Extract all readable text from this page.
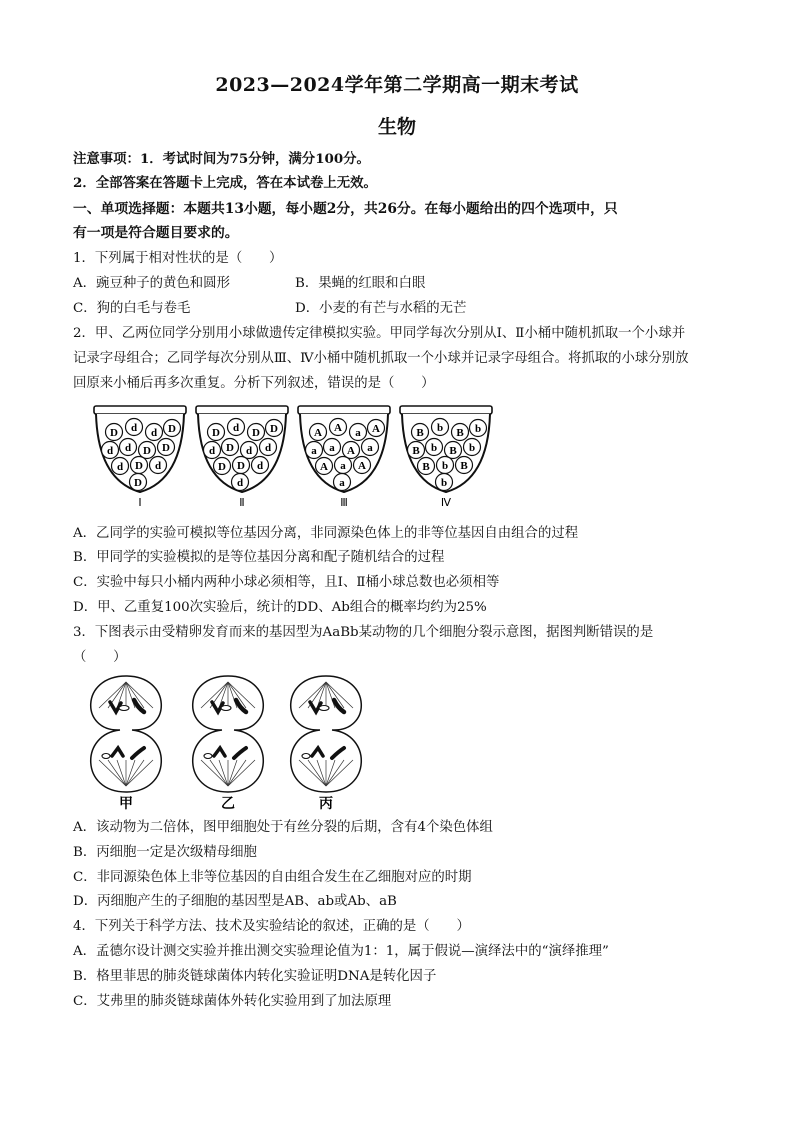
2023—2024学年第二学期高一期末考试
生物
注意事项：1．考试时间为75分钟，满分100分。
2．全部答案在答题卡上完成，答在本试卷上无效。
一、单项选择题：本题共13小题，每小题2分，共26分。在每小题给出的四个选项中，只
有一项是符合题目要求的。
1．下列属于相对性状的是（　　）
A．豌豆种子的黄色和圆形	B．果蝇的红眼和白眼
C．狗的白毛与卷毛	D．小麦的有芒与水稻的无芒
2．甲、乙两位同学分别用小球做遗传定律模拟实验。甲同学每次分别从Ⅰ、Ⅱ小桶中随机抓取一个小球并
记录字母组合；乙同学每次分别从Ⅲ、Ⅳ小桶中随机抓取一个小球并记录字母组合。将抓取的小球分别放
回原来小桶后再多次重复。分析下列叙述，错误的是（　　）
D d d D
d d D D
d D d
D
Ⅰ
D d D D
d D d d
D D d
d
Ⅱ
A A a A
a a A a
A a A
a
Ⅲ
B b B b
B b B b
B b B
b
Ⅳ
A．乙同学的实验可模拟等位基因分离，非同源染色体上的非等位基因自由组合的过程
B．甲同学的实验模拟的是等位基因分离和配子随机结合的过程
C．实验中每只小桶内两种小球必须相等，且Ⅰ、Ⅱ桶小球总数也必须相等
D．甲、乙重复100次实验后，统计的DD、Ab组合的概率均约为25%
3．下图表示由受精卵发育而来的基因型为AaBb某动物的几个细胞分裂示意图，据图判断错误的是
（　　）
甲	乙	丙
A．该动物为二倍体，图甲细胞处于有丝分裂的后期，含有4个染色体组
B．丙细胞一定是次级精母细胞
C．非同源染色体上非等位基因的自由组合发生在乙细胞对应的时期
D．丙细胞产生的子细胞的基因型是AB、ab或Ab、aB
4．下列关于科学方法、技术及实验结论的叙述，正确的是（　　）
A．孟德尔设计测交实验并推出测交实验理论值为1：1，属于假说—演绎法中的“演绎推理”
B．格里菲思的肺炎链球菌体内转化实验证明DNA是转化因子
C．艾弗里的肺炎链球菌体外转化实验用到了加法原理
